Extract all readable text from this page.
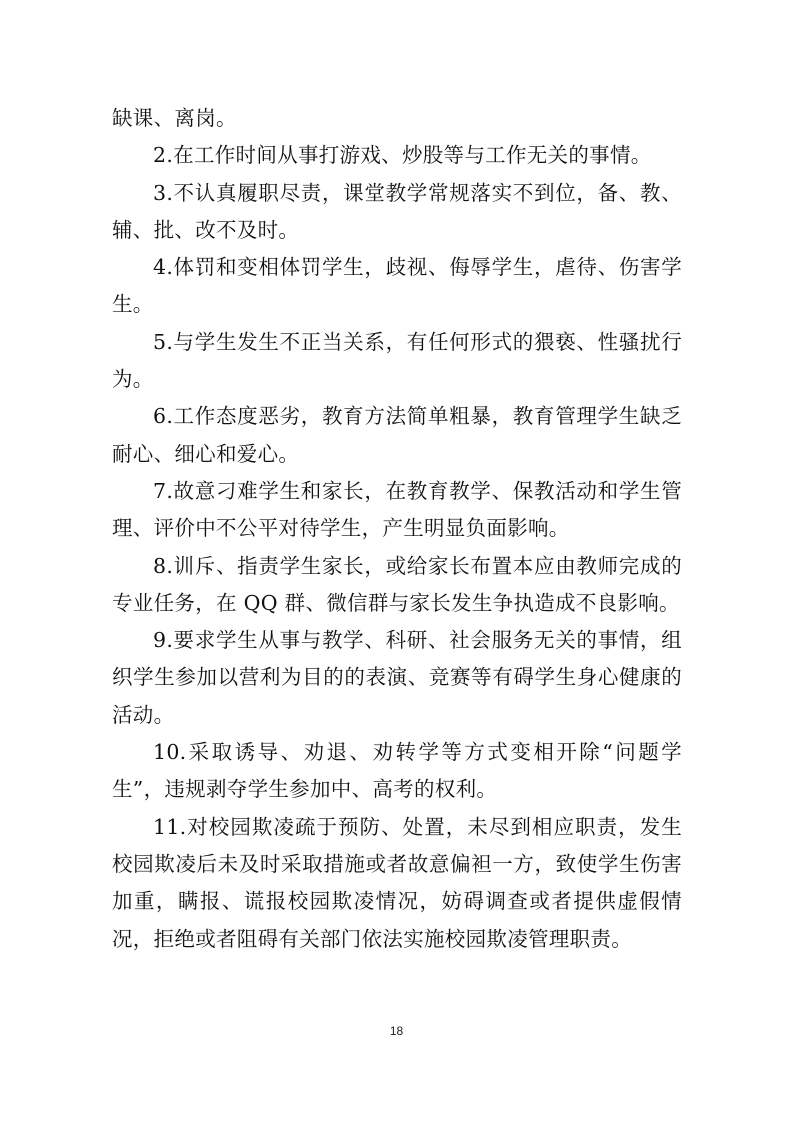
缺课、离岗。

2.在工作时间从事打游戏、炒股等与工作无关的事情。

3.不认真履职尽责，课堂教学常规落实不到位，备、教、辅、批、改不及时。

4.体罚和变相体罚学生，歧视、侮辱学生，虐待、伤害学生。

5.与学生发生不正当关系，有任何形式的猥亵、性骚扰行为。

6.工作态度恶劣，教育方法简单粗暴，教育管理学生缺乏耐心、细心和爱心。

7.故意刁难学生和家长，在教育教学、保教活动和学生管理、评价中不公平对待学生，产生明显负面影响。

8.训斥、指责学生家长，或给家长布置本应由教师完成的专业任务，在 QQ 群、微信群与家长发生争执造成不良影响。

9.要求学生从事与教学、科研、社会服务无关的事情，组织学生参加以营利为目的的表演、竞赛等有碍学生身心健康的活动。

10.采取诱导、劝退、劝转学等方式变相开除“问题学生”，违规剥夺学生参加中、高考的权利。

11.对校园欺凌疏于预防、处置，未尽到相应职责，发生校园欺凌后未及时采取措施或者故意偏袒一方，致使学生伤害加重，瞒报、谎报校园欺凌情况，妨碍调查或者提供虚假情况，拒绝或者阻碍有关部门依法实施校园欺凌管理职责。

18
